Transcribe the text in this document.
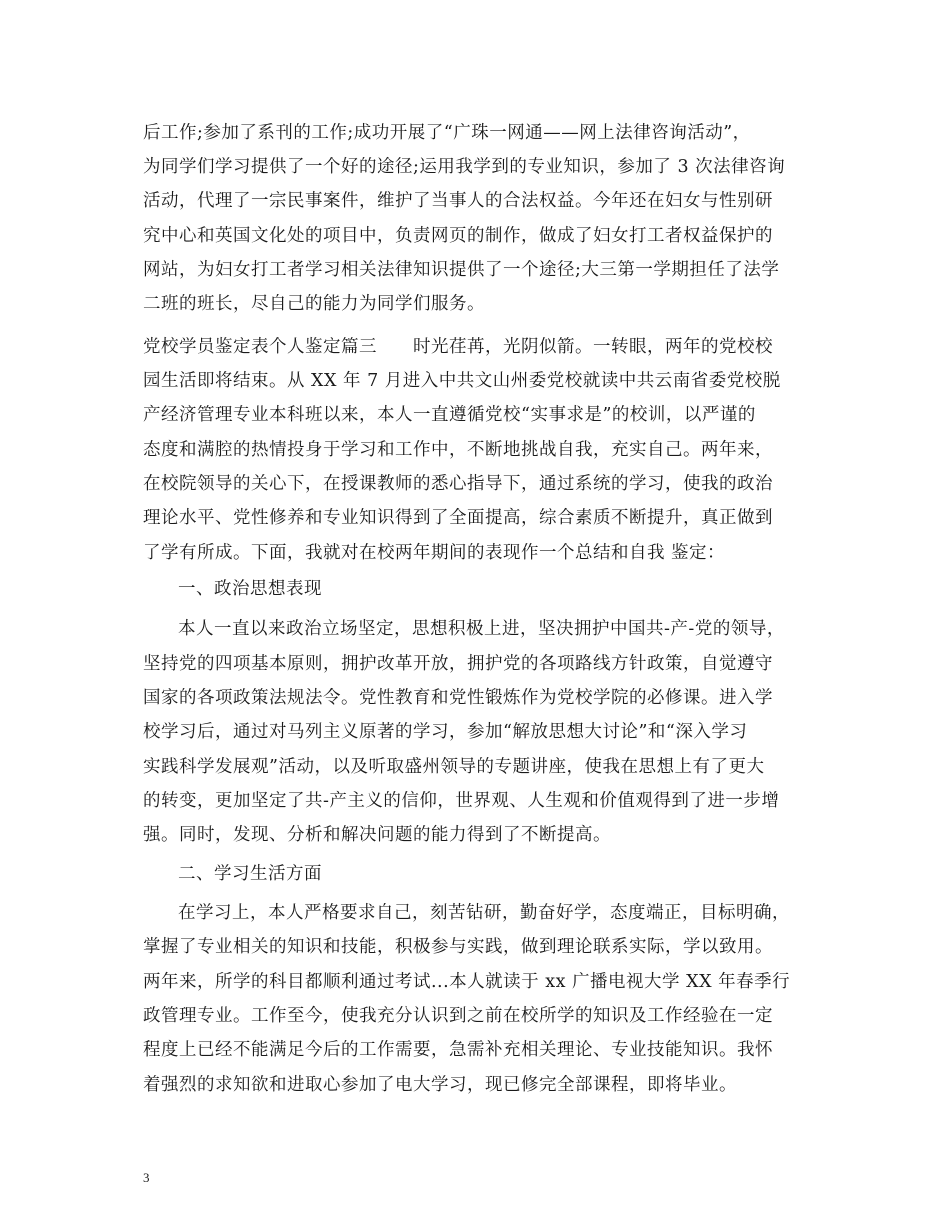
后工作;参加了系刊的工作;成功开展了“广珠一网通——网上法律咨询活动”，
为同学们学习提供了一个好的途径;运用我学到的专业知识，参加了 3 次法律咨询
活动，代理了一宗民事案件，维护了当事人的合法权益。今年还在妇女与性别研
究中心和英国文化处的项目中，负责网页的制作，做成了妇女打工者权益保护的
网站，为妇女打工者学习相关法律知识提供了一个途径;大三第一学期担任了法学
二班的班长，尽自己的能力为同学们服务。
党校学员鉴定表个人鉴定篇三　　时光荏苒，光阴似箭。一转眼，两年的党校校
园生活即将结束。从 XX 年 7 月进入中共文山州委党校就读中共云南省委党校脱
产经济管理专业本科班以来，本人一直遵循党校“实事求是”的校训，以严谨的
态度和满腔的热情投身于学习和工作中，不断地挑战自我，充实自己。两年来，
在校院领导的关心下，在授课教师的悉心指导下，通过系统的学习，使我的政治
理论水平、党性修养和专业知识得到了全面提高，综合素质不断提升，真正做到
了学有所成。下面，我就对在校两年期间的表现作一个总结和自我 鉴定：
一、政治思想表现
本人一直以来政治立场坚定，思想积极上进，坚决拥护中国共-产-党的领导，
坚持党的四项基本原则，拥护改革开放，拥护党的各项路线方针政策，自觉遵守
国家的各项政策法规法令。党性教育和党性锻炼作为党校学院的必修课。进入学
校学习后，通过对马列主义原著的学习，参加“解放思想大讨论”和“深入学习
实践科学发展观”活动，以及听取盛州领导的专题讲座，使我在思想上有了更大
的转变，更加坚定了共-产主义的信仰，世界观、人生观和价值观得到了进一步增
强。同时，发现、分析和解决问题的能力得到了不断提高。
二、学习生活方面
在学习上，本人严格要求自己，刻苦钻研，勤奋好学，态度端正，目标明确，
掌握了专业相关的知识和技能，积极参与实践，做到理论联系实际，学以致用。
两年来，所学的科目都顺利通过考试...本人就读于 xx 广播电视大学 XX 年春季行
政管理专业。工作至今，使我充分认识到之前在校所学的知识及工作经验在一定
程度上已经不能满足今后的工作需要，急需补充相关理论、专业技能知识。我怀
着强烈的求知欲和进取心参加了电大学习，现已修完全部课程，即将毕业。
3
